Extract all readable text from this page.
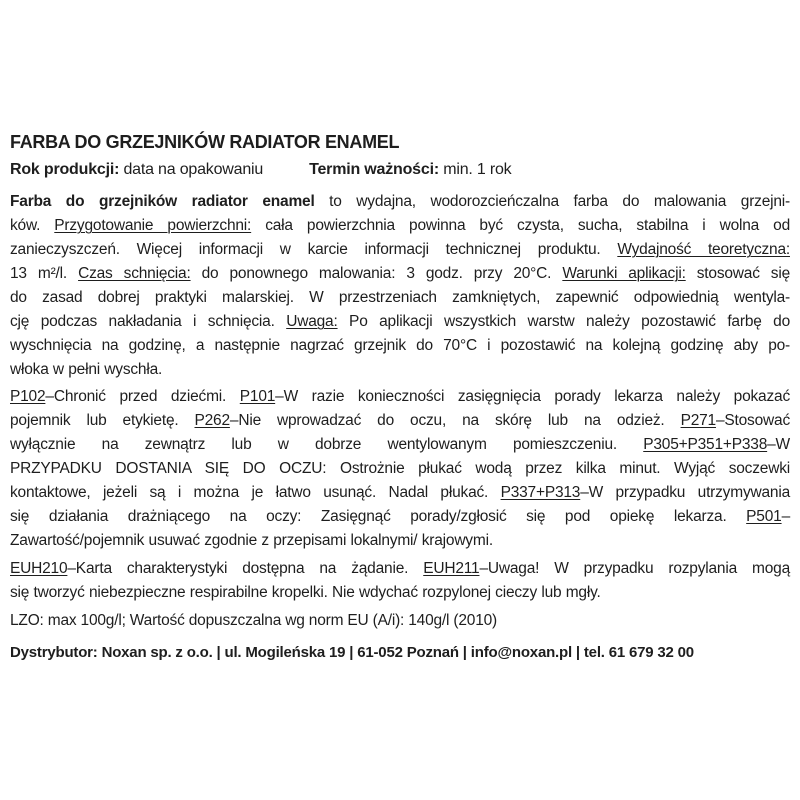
FARBA DO GRZEJNIKÓW RADIATOR ENAMEL
Rok produkcji: data na opakowaniu	Termin ważności: min. 1 rok
Farba do grzejników radiator enamel to wydajna, wodorozcieńczalna farba do malowania grzejni-
ków. Przygotowanie powierzchni: cała powierzchnia powinna być czysta, sucha, stabilna i wolna od
zanieczyszczeń. Więcej informacji w karcie informacji technicznej produktu. Wydajność teoretyczna:
13 m²/l. Czas schnięcia: do ponownego malowania: 3 godz. przy 20°C. Warunki aplikacji: stosować się
do zasad dobrej praktyki malarskiej. W przestrzeniach zamkniętych, zapewnić odpowiednią wentyla-
cję podczas nakładania i schnięcia. Uwaga: Po aplikacji wszystkich warstw należy pozostawić farbę do
wyschnięcia na godzinę, a następnie nagrzać grzejnik do 70°C i pozostawić na kolejną godzinę aby po-
włoka w pełni wyschła.
P102–Chronić przed dziećmi. P101–W razie konieczności zasięgnięcia porady lekarza należy pokazać
pojemnik lub etykietę. P262–Nie wprowadzać do oczu, na skórę lub na odzież. P271–Stosować
wyłącznie na zewnątrz lub w dobrze wentylowanym pomieszczeniu. P305+P351+P338–W
PRZYPADKU DOSTANIA SIĘ DO OCZU: Ostrożnie płukać wodą przez kilka minut. Wyjąć soczewki
kontaktowe, jeżeli są i można je łatwo usunąć. Nadal płukać. P337+P313–W przypadku utrzymywania
się działania drażniącego na oczy: Zasięgnąć porady/zgłosić się pod opiekę lekarza. P501–
Zawartość/pojemnik usuwać zgodnie z przepisami lokalnymi/ krajowymi.
EUH210–Karta charakterystyki dostępna na żądanie. EUH211–Uwaga! W przypadku rozpylania mogą
się tworzyć niebezpieczne respirabilne kropelki. Nie wdychać rozpylonej cieczy lub mgły.
LZO: max 100g/l; Wartość dopuszczalna wg norm EU (A/i): 140g/l (2010)
Dystrybutor: Noxan sp. z o.o. | ul. Mogileńska 19 | 61-052 Poznań | info@noxan.pl | tel. 61 679 32 00
